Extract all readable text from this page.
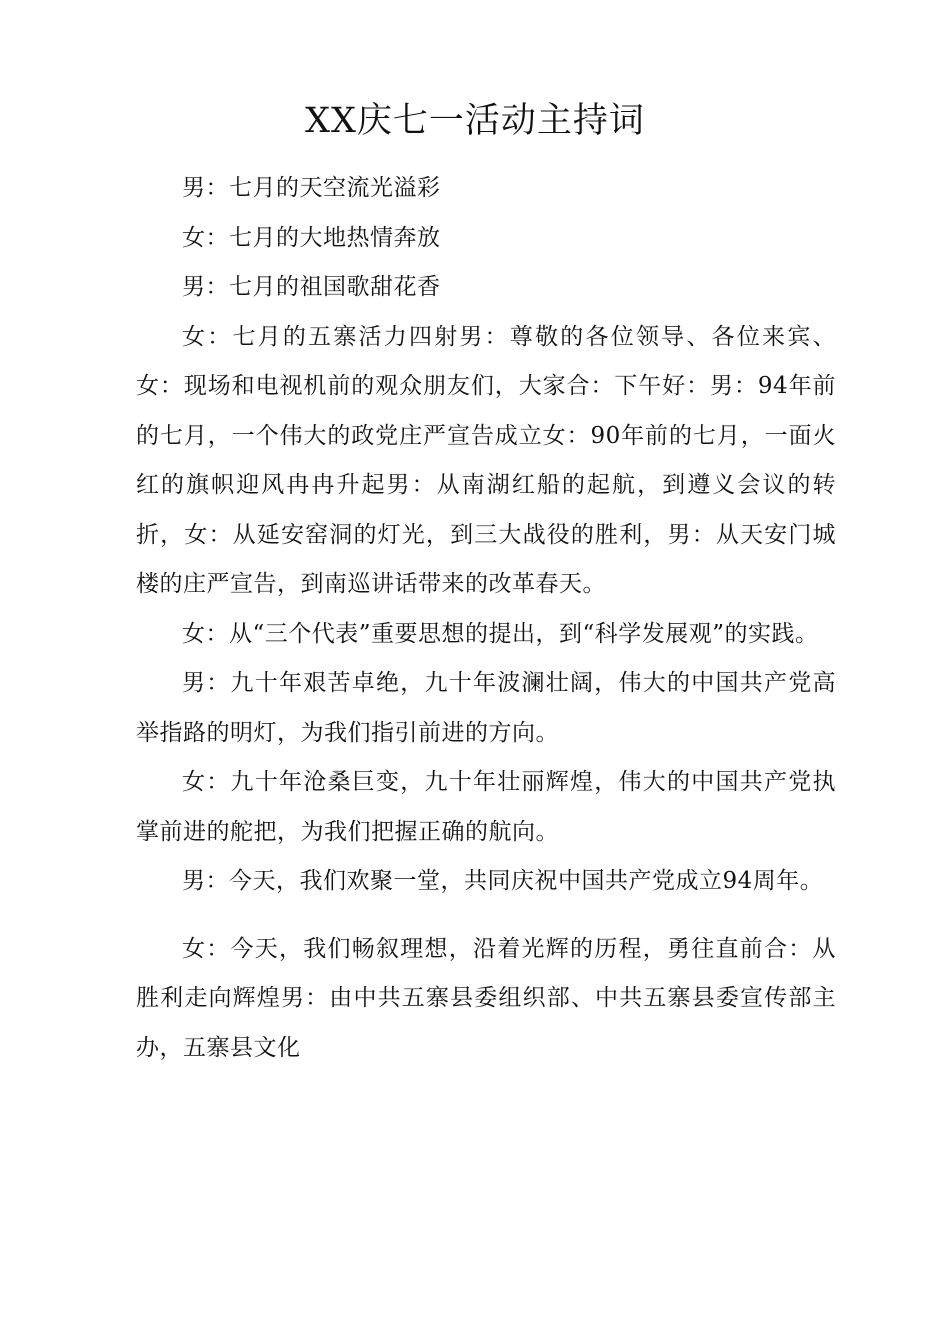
XX庆七一活动主持词

男：七月的天空流光溢彩

女：七月的大地热情奔放

男：七月的祖国歌甜花香

女：七月的五寨活力四射男：尊敬的各位领导、各位来宾、女：现场和电视机前的观众朋友们，大家合：下午好：男：94年前的七月，一个伟大的政党庄严宣告成立女：90年前的七月，一面火红的旗帜迎风冉冉升起男：从南湖红船的起航，到遵义会议的转折，女：从延安窑洞的灯光，到三大战役的胜利，男：从天安门城楼的庄严宣告，到南巡讲话带来的改革春天。

女：从“三个代表”重要思想的提出，到“科学发展观”的实践。

男：九十年艰苦卓绝，九十年波澜壮阔，伟大的中国共产党高举指路的明灯，为我们指引前进的方向。

女：九十年沧桑巨变，九十年壮丽辉煌，伟大的中国共产党执掌前进的舵把，为我们把握正确的航向。

男：今天，我们欢聚一堂，共同庆祝中国共产党成立94周年。

女：今天，我们畅叙理想，沿着光辉的历程，勇往直前合：从胜利走向辉煌男：由中共五寨县委组织部、中共五寨县委宣传部主办，五寨县文化
